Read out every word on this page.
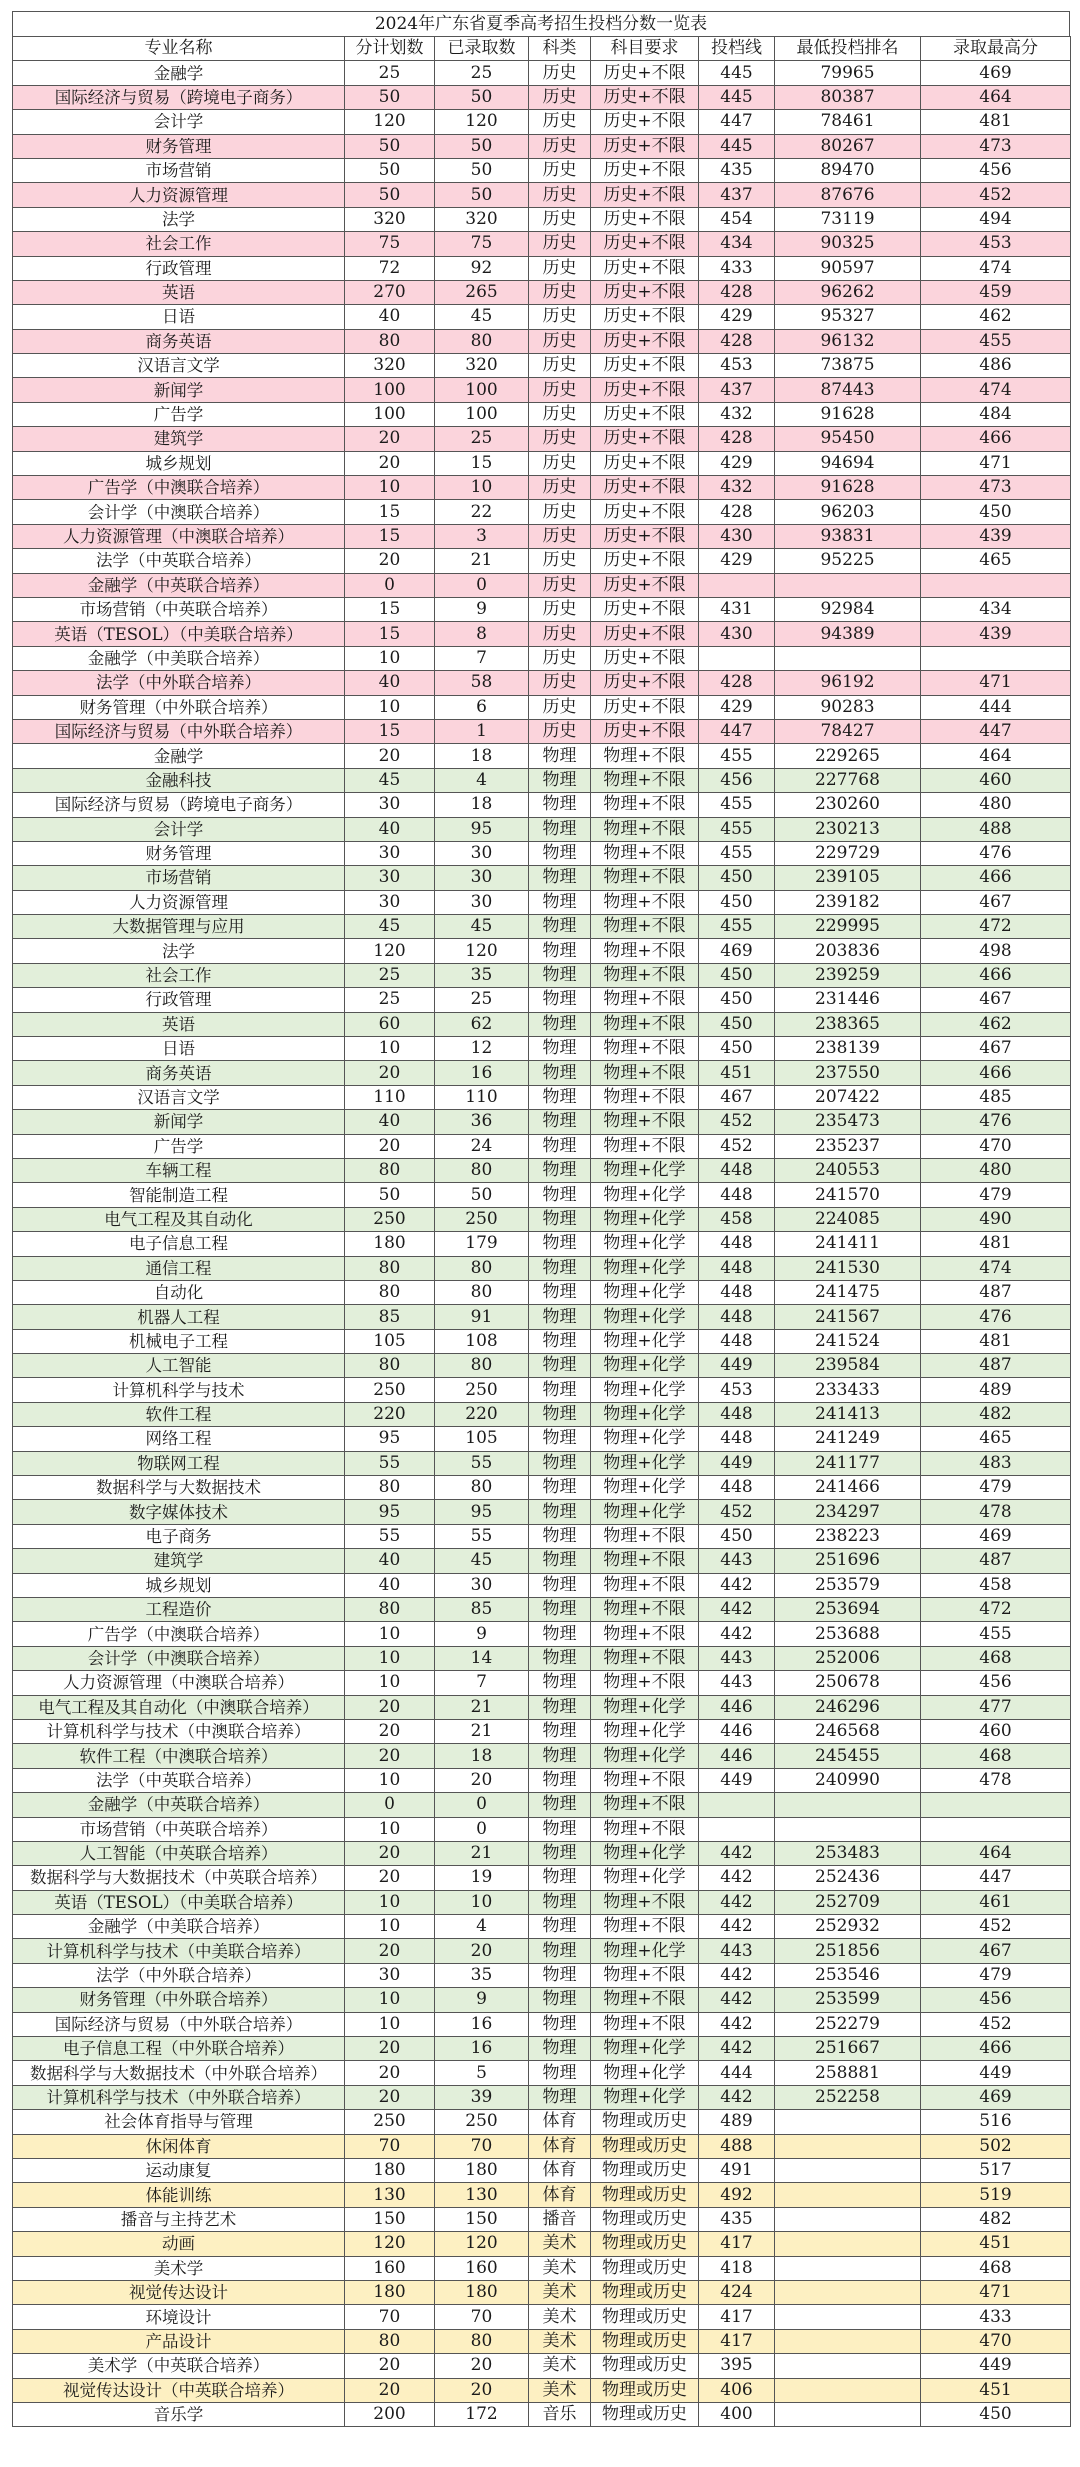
2024年广东省夏季高考招生投档分数一览表
专业名称	分计划数	已录取数	科类	科目要求	投档线	最低投档排名	录取最高分
金融学	25	25	历史	历史+不限	445	79965	469
国际经济与贸易（跨境电子商务）	50	50	历史	历史+不限	445	80387	464
会计学	120	120	历史	历史+不限	447	78461	481
财务管理	50	50	历史	历史+不限	445	80267	473
市场营销	50	50	历史	历史+不限	435	89470	456
人力资源管理	50	50	历史	历史+不限	437	87676	452
法学	320	320	历史	历史+不限	454	73119	494
社会工作	75	75	历史	历史+不限	434	90325	453
行政管理	72	92	历史	历史+不限	433	90597	474
英语	270	265	历史	历史+不限	428	96262	459
日语	40	45	历史	历史+不限	429	95327	462
商务英语	80	80	历史	历史+不限	428	96132	455
汉语言文学	320	320	历史	历史+不限	453	73875	486
新闻学	100	100	历史	历史+不限	437	87443	474
广告学	100	100	历史	历史+不限	432	91628	484
建筑学	20	25	历史	历史+不限	428	95450	466
城乡规划	20	15	历史	历史+不限	429	94694	471
广告学（中澳联合培养）	10	10	历史	历史+不限	432	91628	473
会计学（中澳联合培养）	15	22	历史	历史+不限	428	96203	450
人力资源管理（中澳联合培养）	15	3	历史	历史+不限	430	93831	439
法学（中英联合培养）	20	21	历史	历史+不限	429	95225	465
金融学（中英联合培养）	0	0	历史	历史+不限			
市场营销（中英联合培养）	15	9	历史	历史+不限	431	92984	434
英语（TESOL）（中美联合培养）	15	8	历史	历史+不限	430	94389	439
金融学（中美联合培养）	10	7	历史	历史+不限			
法学（中外联合培养）	40	58	历史	历史+不限	428	96192	471
财务管理（中外联合培养）	10	6	历史	历史+不限	429	90283	444
国际经济与贸易（中外联合培养）	15	1	历史	历史+不限	447	78427	447
金融学	20	18	物理	物理+不限	455	229265	464
金融科技	45	4	物理	物理+不限	456	227768	460
国际经济与贸易（跨境电子商务）	30	18	物理	物理+不限	455	230260	480
会计学	40	95	物理	物理+不限	455	230213	488
财务管理	30	30	物理	物理+不限	455	229729	476
市场营销	30	30	物理	物理+不限	450	239105	466
人力资源管理	30	30	物理	物理+不限	450	239182	467
大数据管理与应用	45	45	物理	物理+不限	455	229995	472
法学	120	120	物理	物理+不限	469	203836	498
社会工作	25	35	物理	物理+不限	450	239259	466
行政管理	25	25	物理	物理+不限	450	231446	467
英语	60	62	物理	物理+不限	450	238365	462
日语	10	12	物理	物理+不限	450	238139	467
商务英语	20	16	物理	物理+不限	451	237550	466
汉语言文学	110	110	物理	物理+不限	467	207422	485
新闻学	40	36	物理	物理+不限	452	235473	476
广告学	20	24	物理	物理+不限	452	235237	470
车辆工程	80	80	物理	物理+化学	448	240553	480
智能制造工程	50	50	物理	物理+化学	448	241570	479
电气工程及其自动化	250	250	物理	物理+化学	458	224085	490
电子信息工程	180	179	物理	物理+化学	448	241411	481
通信工程	80	80	物理	物理+化学	448	241530	474
自动化	80	80	物理	物理+化学	448	241475	487
机器人工程	85	91	物理	物理+化学	448	241567	476
机械电子工程	105	108	物理	物理+化学	448	241524	481
人工智能	80	80	物理	物理+化学	449	239584	487
计算机科学与技术	250	250	物理	物理+化学	453	233433	489
软件工程	220	220	物理	物理+化学	448	241413	482
网络工程	95	105	物理	物理+化学	448	241249	465
物联网工程	55	55	物理	物理+化学	449	241177	483
数据科学与大数据技术	80	80	物理	物理+化学	448	241466	479
数字媒体技术	95	95	物理	物理+化学	452	234297	478
电子商务	55	55	物理	物理+不限	450	238223	469
建筑学	40	45	物理	物理+不限	443	251696	487
城乡规划	40	30	物理	物理+不限	442	253579	458
工程造价	80	85	物理	物理+不限	442	253694	472
广告学（中澳联合培养）	10	9	物理	物理+不限	442	253688	455
会计学（中澳联合培养）	10	14	物理	物理+不限	443	252006	468
人力资源管理（中澳联合培养）	10	7	物理	物理+不限	443	250678	456
电气工程及其自动化（中澳联合培养）	20	21	物理	物理+化学	446	246296	477
计算机科学与技术（中澳联合培养）	20	21	物理	物理+化学	446	246568	460
软件工程（中澳联合培养）	20	18	物理	物理+化学	446	245455	468
法学（中英联合培养）	10	20	物理	物理+不限	449	240990	478
金融学（中英联合培养）	0	0	物理	物理+不限			
市场营销（中英联合培养）	10	0	物理	物理+不限			
人工智能（中英联合培养）	20	21	物理	物理+化学	442	253483	464
数据科学与大数据技术（中英联合培养）	20	19	物理	物理+化学	442	252436	447
英语（TESOL）（中美联合培养）	10	10	物理	物理+不限	442	252709	461
金融学（中美联合培养）	10	4	物理	物理+不限	442	252932	452
计算机科学与技术（中美联合培养）	20	20	物理	物理+化学	443	251856	467
法学（中外联合培养）	30	35	物理	物理+不限	442	253546	479
财务管理（中外联合培养）	10	9	物理	物理+不限	442	253599	456
国际经济与贸易（中外联合培养）	10	16	物理	物理+不限	442	252279	452
电子信息工程（中外联合培养）	20	16	物理	物理+化学	442	251667	466
数据科学与大数据技术（中外联合培养）	20	5	物理	物理+化学	444	258881	449
计算机科学与技术（中外联合培养）	20	39	物理	物理+化学	442	252258	469
社会体育指导与管理	250	250	体育	物理或历史	489		516
休闲体育	70	70	体育	物理或历史	488		502
运动康复	180	180	体育	物理或历史	491		517
体能训练	130	130	体育	物理或历史	492		519
播音与主持艺术	150	150	播音	物理或历史	435		482
动画	120	120	美术	物理或历史	417		451
美术学	160	160	美术	物理或历史	418		468
视觉传达设计	180	180	美术	物理或历史	424		471
环境设计	70	70	美术	物理或历史	417		433
产品设计	80	80	美术	物理或历史	417		470
美术学（中英联合培养）	20	20	美术	物理或历史	395		449
视觉传达设计（中英联合培养）	20	20	美术	物理或历史	406		451
音乐学	200	172	音乐	物理或历史	400		450
